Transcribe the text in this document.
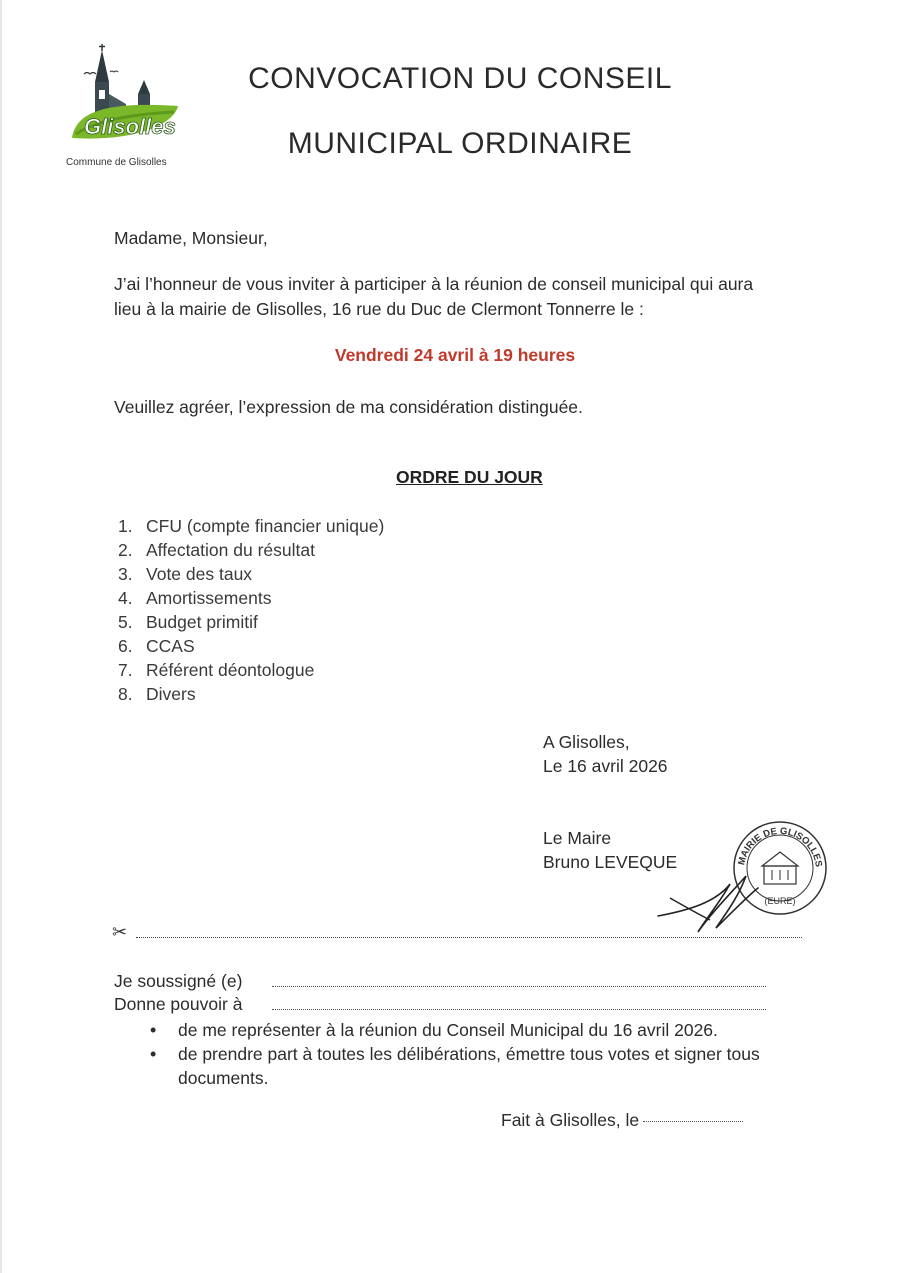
Glisolles
Commune de Glisolles
CONVOCATION DU CONSEIL
MUNICIPAL ORDINAIRE
Madame, Monsieur,
J’ai l’honneur de vous inviter à participer à la réunion de conseil municipal qui aura
lieu à la mairie de Glisolles, 16 rue du Duc de Clermont Tonnerre le :
Vendredi 24 avril à 19 heures
Veuillez agréer, l’expression de ma considération distinguée.
ORDRE DU JOUR
1. CFU (compte financier unique)
2. Affectation du résultat
3. Vote des taux
4. Amortissements
5. Budget primitif
6. CCAS
7. Référent déontologue
8. Divers
A Glisolles,
Le 16 avril 2026
Le Maire
Bruno LEVEQUE	MAIRIE DE GLISOLLES
(EURE)
✂
Je soussigné (e)
Donne pouvoir à
• de me représenter à la réunion du Conseil Municipal du 16 avril 2026.
• de prendre part à toutes les délibérations, émettre tous votes et signer tous documents.
Fait à Glisolles, le
